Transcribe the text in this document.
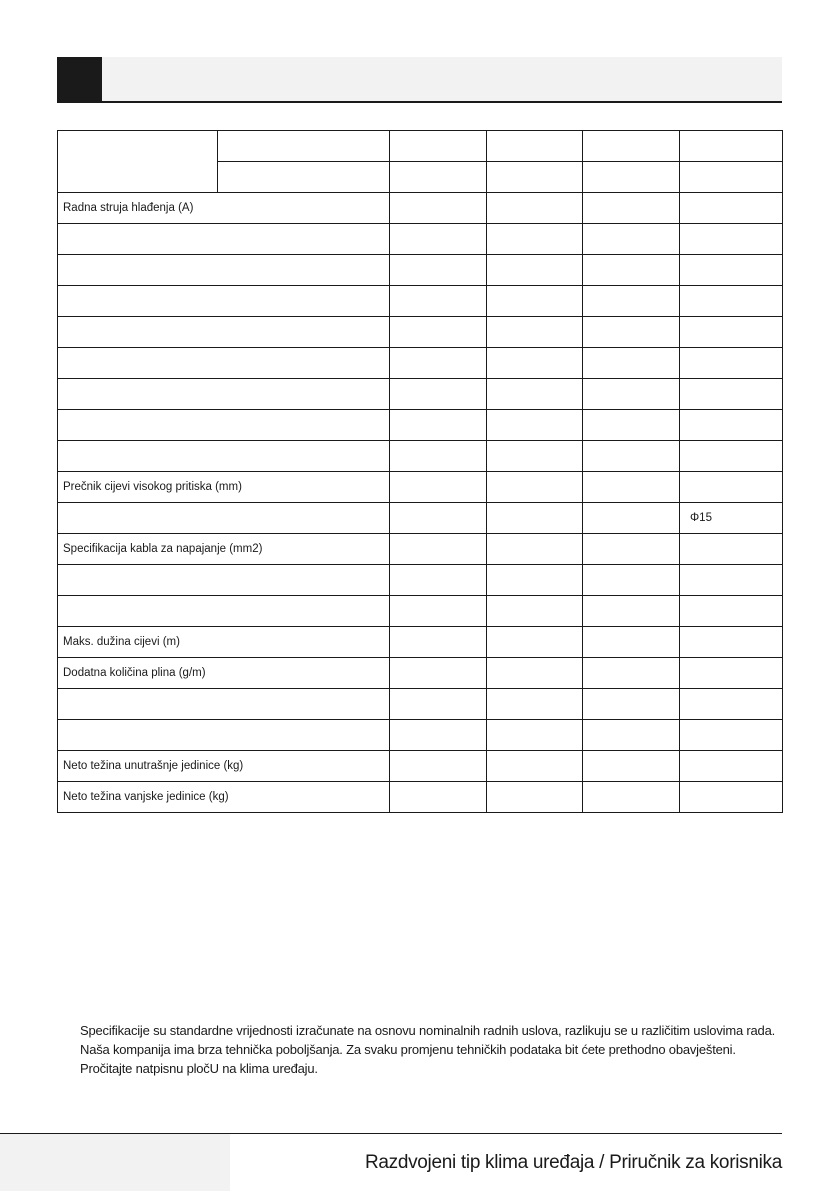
Radna struja hlađenja (A)					

Prečnik cijevi visokog pritiska (mm)					
					Φ15
Specifikacija kabla za napajanje (mm2)					

Maks. dužina cijevi (m)					
Dodatna količina plina (g/m)					

Neto težina unutrašnje jedinice (kg)					
Neto težina vanjske jedinice (kg)					

Specifikacije su standardne vrijednosti izračunate na osnovu nominalnih radnih uslova, razlikuju se u različitim uslovima rada.

Naša kompanija ima brza tehnička poboljšanja. Za svaku promjenu tehničkih podataka bit ćete prethodno obavješteni.

Pročitajte natpisnu pločU na klima uređaju.

Razdvojeni tip klima uređaja / Priručnik za korisnika
